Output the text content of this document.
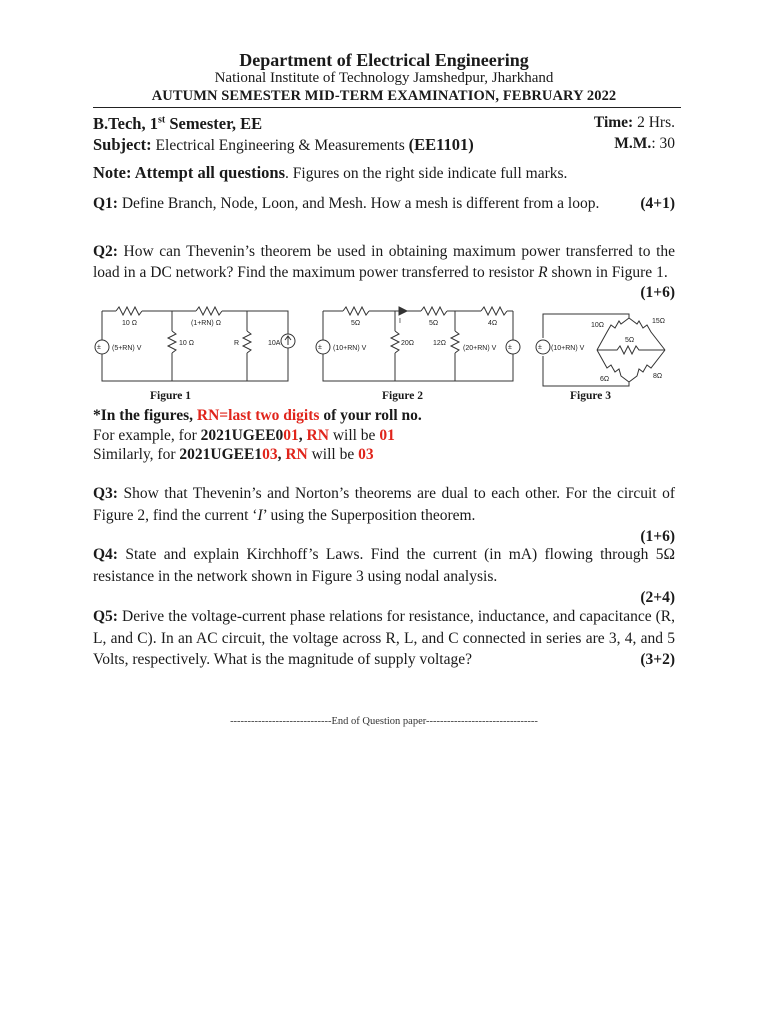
Department of Electrical Engineering
National Institute of Technology Jamshedpur, Jharkhand
AUTUMN SEMESTER MID-TERM EXAMINATION, FEBRUARY 2022
B.Tech, 1st Semester, EE	Time: 2 Hrs.
Subject: Electrical Engineering & Measurements (EE1101)	M.M.: 30
Note: Attempt all questions. Figures on the right side indicate full marks.
Q1: Define Branch, Node, Loon, and Mesh. How a mesh is different from a loop.	(4+1)
Q2: How can Thevenin’s theorem be used in obtaining maximum power transferred to the load in a DC network? Find the maximum power transferred to resistor R shown in Figure 1.
(1+6)
±
10 Ω	(1+RN) Ω
10 Ω	R
(5+RN) V
10A
Figure 1
±	±
5Ω	I	5Ω	4Ω
20Ω	12Ω
(10+RN) V	(20+RN) V
Figure 2
±
10Ω
15Ω
5Ω
6Ω	8Ω
(10+RN) V
Figure 3
*In the figures, RN=last two digits of your roll no.
For example, for 2021UGEE001, RN will be 01
Similarly, for 2021UGEE103, RN will be 03
Q3: Show that Thevenin’s and Norton’s theorems are dual to each other. For the circuit of Figure 2, find the current ‘I’ using the Superposition theorem.

(1+6)
Q4: State and explain Kirchhoff’s Laws. Find the current (in mA) flowing through 5Ω resistance in the network shown in Figure 3 using nodal analysis.

(2+4)
Q5: Derive the voltage-current phase relations for resistance, inductance, and capacitance (R, L, and C). In an AC circuit, the voltage across R, L, and C connected in series are 3, 4, and 5 Volts, respectively. What is the magnitude of supply voltage?	(3+2)
-----------------------------End of Question paper--------------------------------
